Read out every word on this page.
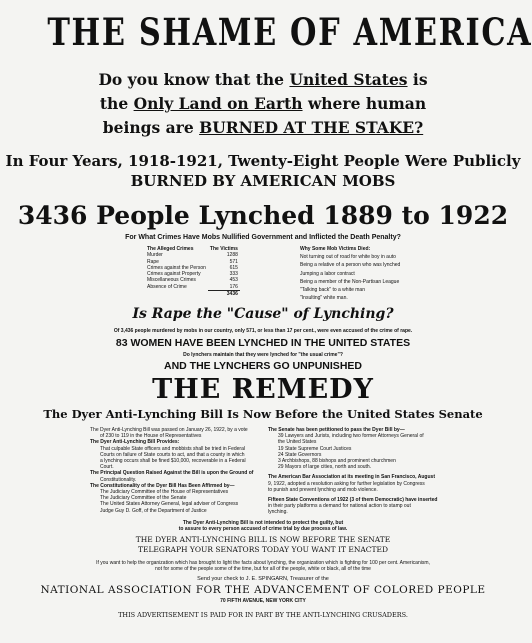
THE SHAME OF AMERICA
Do you know that the United States is
the Only Land on Earth where human
beings are BURNED AT THE STAKE?
In Four Years, 1918-1921, Twenty-Eight People Were Publicly
BURNED BY AMERICAN MOBS
3436 People Lynched 1889 to 1922
For What Crimes Have Mobs Nullified Government and Inflicted the Death Penalty?
The Alleged Crimes	The Victims
Murder	1288
Rape	571
Crimes against the Person	615
Crimes against Property	333
Miscellaneous Crimes	453
Absence of Crime	176
	3436
Why Some Mob Victims Died:
Not turning out of road for white boy in auto
Being a relative of a person who was lynched
Jumping a labor contract
Being a member of the Non-Partisan League
"Talking back" to a white man
"Insulting" white man.
Is Rape the "Cause" of Lynching?
Of 3,436 people murdered by mobs in our country, only 571, or less than 17 per cent., were even accused of the crime of rape.
83 WOMEN HAVE BEEN LYNCHED IN THE UNITED STATES
Do lynchers maintain that they were lynched for "the usual crime"?
AND THE LYNCHERS GO UNPUNISHED
THE REMEDY
The Dyer Anti-Lynching Bill Is Now Before the United States Senate
The Dyer Anti-Lynching Bill was passed on January 26, 1922, by a vote
of 230 to 119 in the House of Representatives
The Dyer Anti-Lynching Bill Provides:
That culpable State officers and mobbists shall be tried in Federal
Courts on failure of State courts to act, and that a county in which
a lynching occurs shall be fined $10,000, recoverable in a Federal
Court.
The Principal Question Raised Against the Bill is upon the Ground of
Constitutionality.
The Constitutionality of the Dyer Bill Has Been Affirmed by—
The Judiciary Committee of the House of Representatives
The Judiciary Committee of the Senate
The United States Attorney General, legal adviser of Congress
Judge Guy D. Goff, of the Department of Justice
The Senate has been petitioned to pass the Dyer Bill by—
39 Lawyers and Jurists, including two former Attorneys General of
the United States
19 State Supreme Court Justices
24 State Governors
3 Archbishops, 88 bishops and prominent churchmen
29 Mayors of large cities, north and south.
The American Bar Association at its meeting in San Francisco, August
9, 1922, adopted a resolution asking for further legislation by Congress
to punish and prevent lynching and mob violence.
Fifteen State Conventions of 1922 (3 of them Democratic) have inserted
in their party platforms a demand for national action to stamp out
lynching.
The Dyer Anti-Lynching Bill is not intended to protect the guilty, but
to assure to every person accused of crime trial by due process of law.
THE DYER ANTI-LYNCHING BILL IS NOW BEFORE THE SENATE
TELEGRAPH YOUR SENATORS TODAY YOU WANT IT ENACTED
If you want to help the organization which has brought to light the facts about lynching, the organization which is fighting for 100 per cent. Americanism,
not for some of the people some of the time, but for all of the people, white or black, all of the time
Send your check to J. E. SPINGARN, Treasurer of the
NATIONAL ASSOCIATION FOR THE ADVANCEMENT OF COLORED PEOPLE
70 FIFTH AVENUE, NEW YORK CITY
THIS ADVERTISEMENT IS PAID FOR IN PART BY THE ANTI-LYNCHING CRUSADERS.
